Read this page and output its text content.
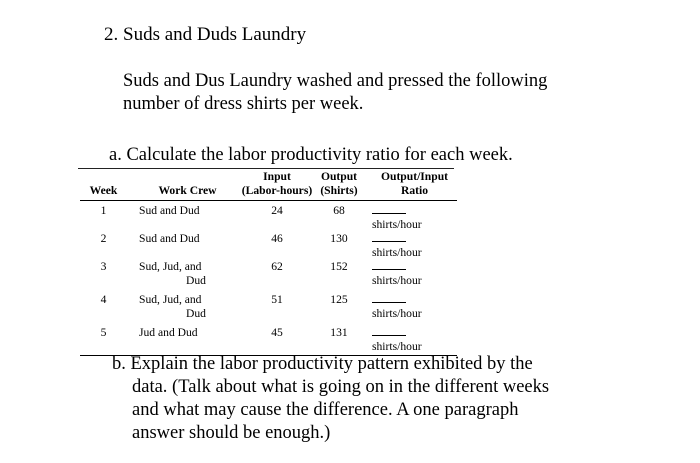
2. Suds and Duds Laundry
Suds and Dus Laundry washed and pressed the following
number of dress shirts per week.
a. Calculate the labor productivity ratio for each week.
		Input	Output	Output/Input
Week	Work Crew	(Labor-hours)	(Shirts)	Ratio
1	Sud and Dud	24	68	shirts/hour
2	Sud and Dud	46	130	shirts/hour
3	Sud, Jud, and
Dud	62	152	shirts/hour
4	Sud, Jud, and
Dud	51	125	shirts/hour
5	Jud and Dud	45	131	shirts/hour
b. Explain the labor productivity pattern exhibited by the
data. (Talk about what is going on in the different weeks
and what may cause the difference. A one paragraph
answer should be enough.)
